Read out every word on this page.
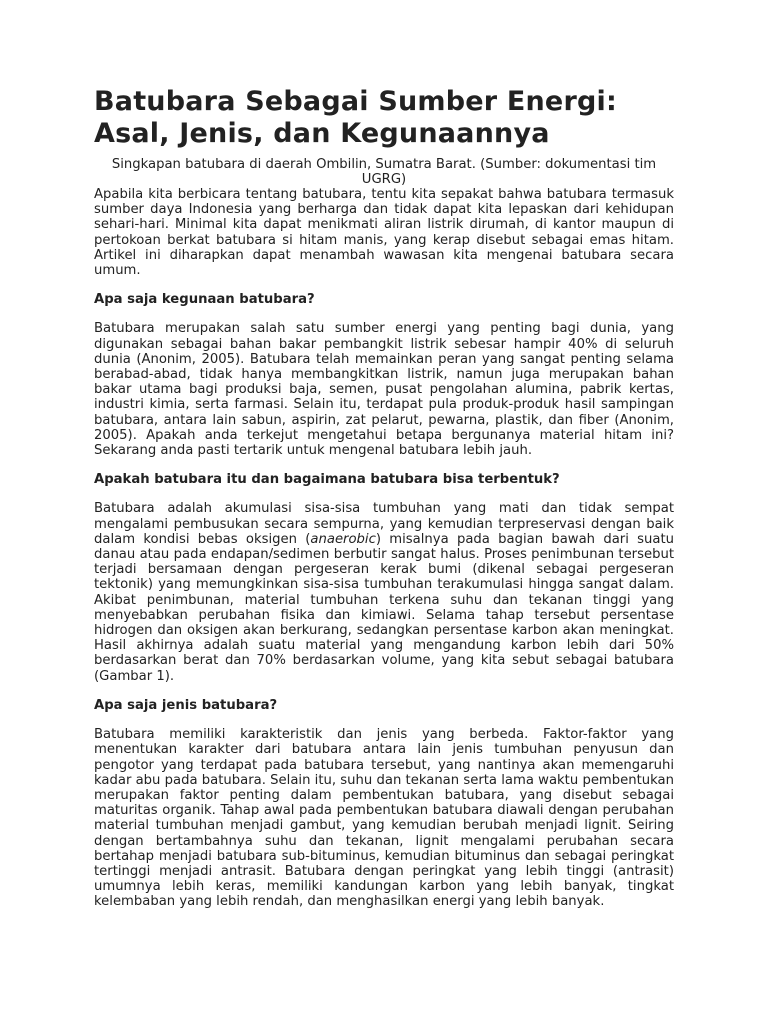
Batubara Sebagai Sumber Energi: Asal, Jenis, dan Kegunaannya

Singkapan batubara di daerah Ombilin, Sumatra Barat. (Sumber: dokumentasi tim UGRG)

Apabila kita berbicara tentang batubara, tentu kita sepakat bahwa batubara termasuk sumber daya Indonesia yang berharga dan tidak dapat kita lepaskan dari kehidupan sehari-hari. Minimal kita dapat menikmati aliran listrik dirumah, di kantor maupun di pertokoan berkat batubara si hitam manis, yang kerap disebut sebagai emas hitam. Artikel ini diharapkan dapat menambah wawasan kita mengenai batubara secara umum.

Apa saja kegunaan batubara?

Batubara merupakan salah satu sumber energi yang penting bagi dunia, yang digunakan sebagai bahan bakar pembangkit listrik sebesar hampir 40% di seluruh dunia (Anonim, 2005). Batubara telah memainkan peran yang sangat penting selama berabad-abad, tidak hanya membangkitkan listrik, namun juga merupakan bahan bakar utama bagi produksi baja, semen, pusat pengolahan alumina, pabrik kertas, industri kimia, serta farmasi. Selain itu, terdapat pula produk-produk hasil sampingan batubara, antara lain sabun, aspirin, zat pelarut, pewarna, plastik, dan fiber (Anonim, 2005). Apakah anda terkejut mengetahui betapa bergunanya material hitam ini? Sekarang anda pasti tertarik untuk mengenal batubara lebih jauh.

Apakah batubara itu dan bagaimana batubara bisa terbentuk?

Batubara adalah akumulasi sisa-sisa tumbuhan yang mati dan tidak sempat mengalami pembusukan secara sempurna, yang kemudian terpreservasi dengan baik dalam kondisi bebas oksigen (anaerobic) misalnya pada bagian bawah dari suatu danau atau pada endapan/sedimen berbutir sangat halus. Proses penimbunan tersebut terjadi bersamaan dengan pergeseran kerak bumi (dikenal sebagai pergeseran tektonik) yang memungkinkan sisa-sisa tumbuhan terakumulasi hingga sangat dalam. Akibat penimbunan, material tumbuhan terkena suhu dan tekanan tinggi yang menyebabkan perubahan fisika dan kimiawi. Selama tahap tersebut persentase hidrogen dan oksigen akan berkurang, sedangkan persentase karbon akan meningkat. Hasil akhirnya adalah suatu material yang mengandung karbon lebih dari 50% berdasarkan berat dan 70% berdasarkan volume, yang kita sebut sebagai batubara (Gambar 1).

Apa saja jenis batubara?

Batubara memiliki karakteristik dan jenis yang berbeda. Faktor-faktor yang menentukan karakter dari batubara antara lain jenis tumbuhan penyusun dan pengotor yang terdapat pada batubara tersebut, yang nantinya akan memengaruhi kadar abu pada batubara. Selain itu, suhu dan tekanan serta lama waktu pembentukan merupakan faktor penting dalam pembentukan batubara, yang disebut sebagai maturitas organik. Tahap awal pada pembentukan batubara diawali dengan perubahan material tumbuhan menjadi gambut, yang kemudian berubah menjadi lignit. Seiring dengan bertambahnya suhu dan tekanan, lignit mengalami perubahan secara bertahap menjadi batubara sub-bituminus, kemudian bituminus dan sebagai peringkat tertinggi menjadi antrasit. Batubara dengan peringkat yang lebih tinggi (antrasit) umumnya lebih keras, memiliki kandungan karbon yang lebih banyak, tingkat kelembaban yang lebih rendah, dan menghasilkan energi yang lebih banyak.
